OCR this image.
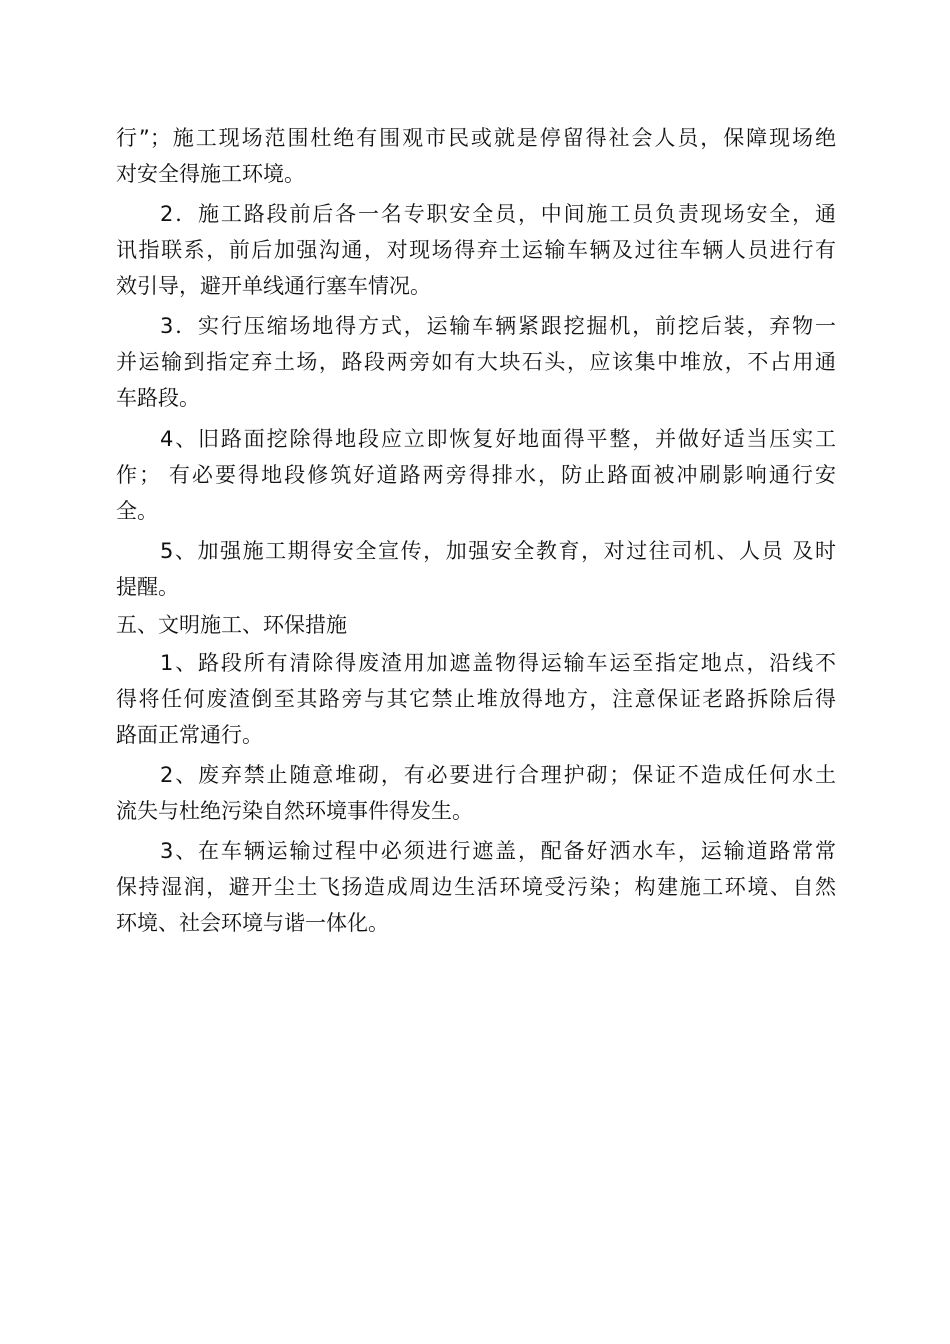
行”；施工现场范围杜绝有围观市民或就是停留得社会人员，保障现场绝
对安全得施工环境。
2．施工路段前后各一名专职安全员，中间施工员负责现场安全，通
讯指联系，前后加强沟通，对现场得弃土运输车辆及过往车辆人员进行有
效引导，避开单线通行塞车情况。
3．实行压缩场地得方式，运输车辆紧跟挖掘机，前挖后装，弃物一
并运输到指定弃土场，路段两旁如有大块石头，应该集中堆放，不占用通
车路段。
4、旧路面挖除得地段应立即恢复好地面得平整，并做好适当压实工
作； 有必要得地段修筑好道路两旁得排水，防止路面被冲刷影响通行安
全。
5、加强施工期得安全宣传，加强安全教育，对过往司机、人员 及时
提醒。
五、文明施工、环保措施
1、路段所有清除得废渣用加遮盖物得运输车运至指定地点，沿线不
得将任何废渣倒至其路旁与其它禁止堆放得地方，注意保证老路拆除后得
路面正常通行。
2、废弃禁止随意堆砌，有必要进行合理护砌；保证不造成任何水土
流失与杜绝污染自然环境事件得发生。
3、在车辆运输过程中必须进行遮盖，配备好洒水车，运输道路常常
保持湿润，避开尘土飞扬造成周边生活环境受污染；构建施工环境、自然
环境、社会环境与谐一体化。
